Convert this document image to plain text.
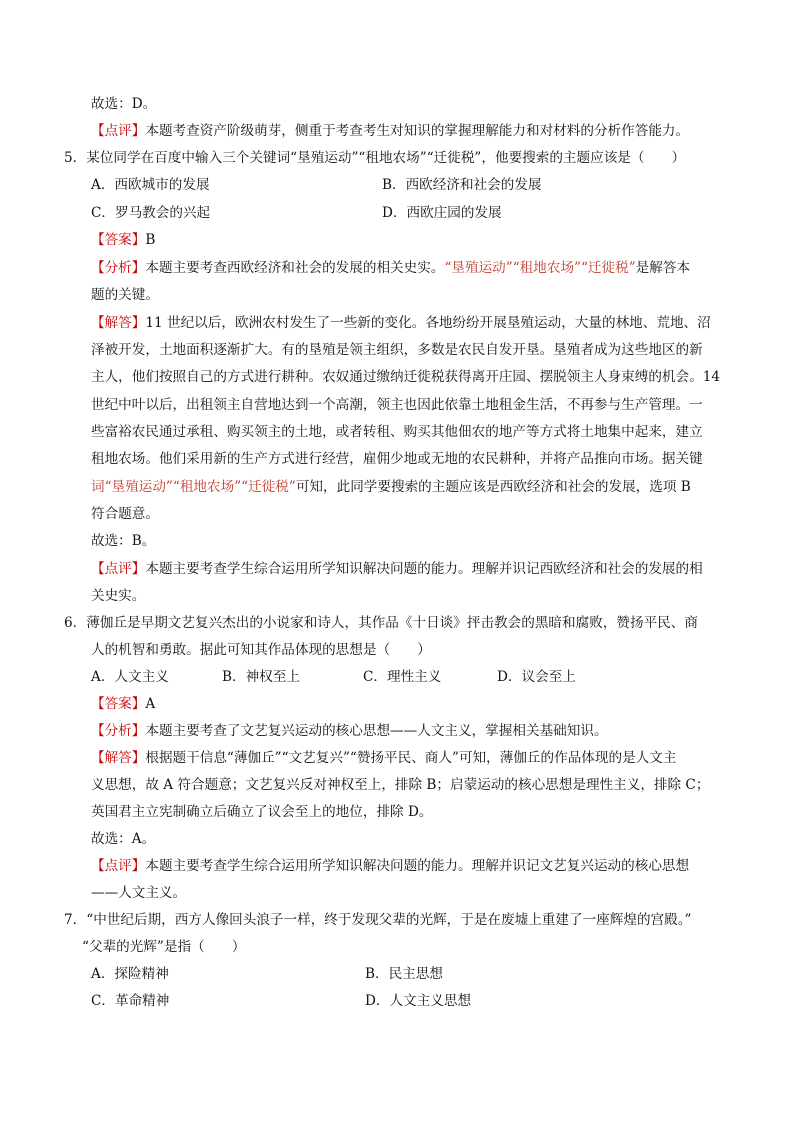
故选：D。
【点评】本题考查资产阶级萌芽，侧重于考查考生对知识的掌握理解能力和对材料的分析作答能力。
5．某位同学在百度中输入三个关键词“垦殖运动”“租地农场”“迁徙税”，他要搜索的主题应该是（　　）
A．西欧城市的发展	B．西欧经济和社会的发展
C．罗马教会的兴起	D．西欧庄园的发展
【答案】B
【分析】本题主要考查西欧经济和社会的发展的相关史实。“垦殖运动”“租地农场”“迁徙税”是解答本
题的关键。
【解答】11 世纪以后，欧洲农村发生了一些新的变化。各地纷纷开展垦殖运动，大量的林地、荒地、沼
泽被开发，土地面积逐渐扩大。有的垦殖是领主组织，多数是农民自发开垦。垦殖者成为这些地区的新
主人，他们按照自己的方式进行耕种。农奴通过缴纳迁徙税获得离开庄园、摆脱领主人身束缚的机会。14
世纪中叶以后，出租领主自营地达到一个高潮，领主也因此依靠土地租金生活，不再参与生产管理。一
些富裕农民通过承租、购买领主的土地，或者转租、购买其他佃农的地产等方式将土地集中起来，建立
租地农场。他们采用新的生产方式进行经营，雇佣少地或无地的农民耕种，并将产品推向市场。据关键
词“垦殖运动”“租地农场”“迁徙税”可知，此同学要搜索的主题应该是西欧经济和社会的发展，选项 B
符合题意。
故选：B。
【点评】本题主要考查学生综合运用所学知识解决问题的能力。理解并识记西欧经济和社会的发展的相
关史实。
6．薄伽丘是早期文艺复兴杰出的小说家和诗人，其作品《十日谈》抨击教会的黑暗和腐败，赞扬平民、商
人的机智和勇敢。据此可知其作品体现的思想是（　　）
A．人文主义	B．神权至上	C．理性主义	D．议会至上
【答案】A
【分析】本题主要考查了文艺复兴运动的核心思想——人文主义，掌握相关基础知识。
【解答】根据题干信息“薄伽丘”“文艺复兴”“赞扬平民、商人”可知，薄伽丘的作品体现的是人文主
义思想，故 A 符合题意；文艺复兴反对神权至上，排除 B；启蒙运动的核心思想是理性主义，排除 C；
英国君主立宪制确立后确立了议会至上的地位，排除 D。
故选：A。
【点评】本题主要考查学生综合运用所学知识解决问题的能力。理解并识记文艺复兴运动的核心思想
——人文主义。
7．“中世纪后期，西方人像回头浪子一样，终于发现父辈的光辉，于是在废墟上重建了一座辉煌的宫殿。”
“父辈的光辉”是指（　　）
A．探险精神	B．民主思想
C．革命精神	D．人文主义思想
